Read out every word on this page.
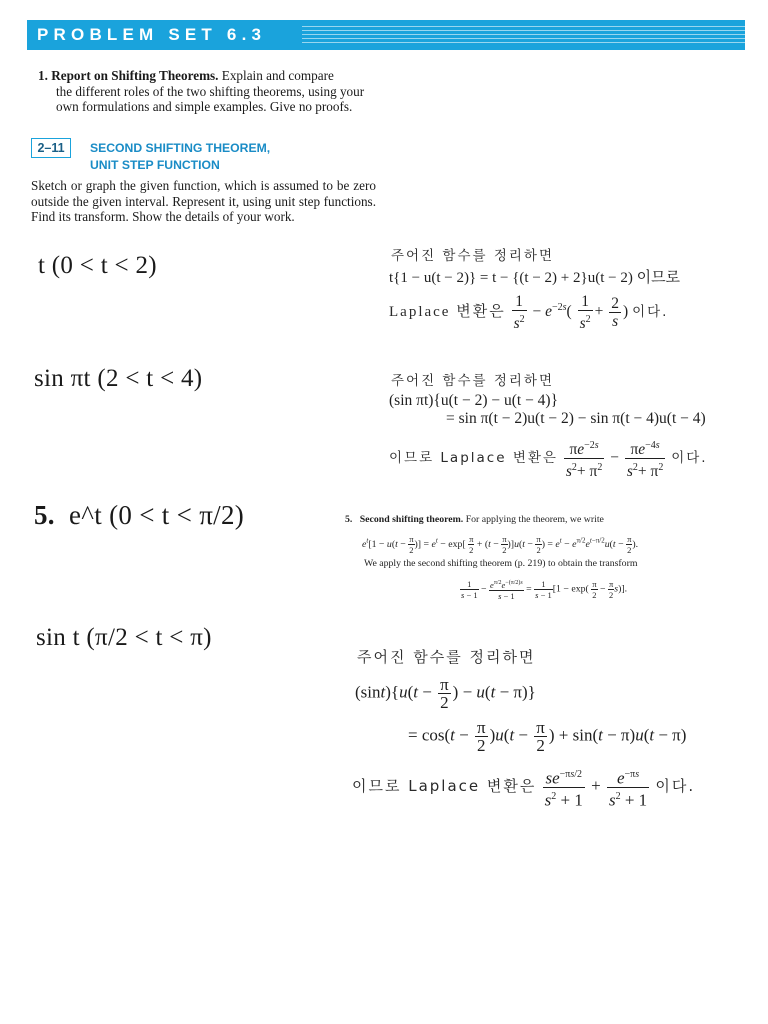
PROBLEM SET 6.3
1. Report on Shifting Theorems. Explain and compare
the different roles of the two shifting theorems, using your
own formulations and simple examples. Give no proofs.
2–11	SECOND SHIFTING THEOREM,
UNIT STEP FUNCTION
Sketch or graph the given function, which is assumed to be zero outside the given interval. Represent it, using unit step functions. Find its transform. Show the details of your work.
t (0 < t < 2)
sin πt (2 < t < 4)
5. e^t (0 < t < π/2)
sin t (π/2 < t < π)
주어진 함수를 정리하면
t{1 − u(t − 2)} = t − {(t − 2) + 2}u(t − 2) 이므로
Laplace 변환은 $\frac{1}{s^2} - e^{-2s}( \frac{1}{s^2} + \frac{2}{s}$ ) 이다.
주어진 함수를 정리하면
(sin πt){u(t − 2) − u(t − 4)}
= sin π(t − 2)u(t − 2) − sin π(t − 4)u(t − 4)
이므로 Laplace 변환은 $\frac{\pi e^{-2s}}{s^2+ \pi^2} - \frac{\pi e^{-4s}}{s^2+ \pi^2}$ 이다.
5. Second shifting theorem. For applying the theorem, we write
$e^t[1 - u(t - \frac{\pi}{2}$ )] = $e^t - \exp[ \frac{\pi}{2} + (t - \frac{\pi}{2} )]u(t - \frac{\pi}{2}$ ) = $e^t - e^{\pi/2}e^{t-\pi/2}u(t - \frac{\pi}{2}$ ).
We apply the second shifting theorem (p. 219) to obtain the transform
$\frac{1}{s - 1} - \frac{e^{\pi/2}e^{-(\pi/2)s}}{s - 1} = \frac{1}{s - 1} [1 - \exp( \frac{\pi}{2} - \frac{\pi}{2} s)]$.
주어진 함수를 정리하면
$(\sin t)\{u(t - \frac{\pi}{2}$ ) − u(t − π)}
= $\cos(t - \frac{\pi}{2} )u(t - \frac{\pi}{2}$ ) + sin(t − π)u(t − π)
이므로 Laplace 변환은 $\frac{se^{-\pi s/2}}{s^2 + 1} + \frac{e^{-\pi s}}{s^2 + 1}$ 이다.
